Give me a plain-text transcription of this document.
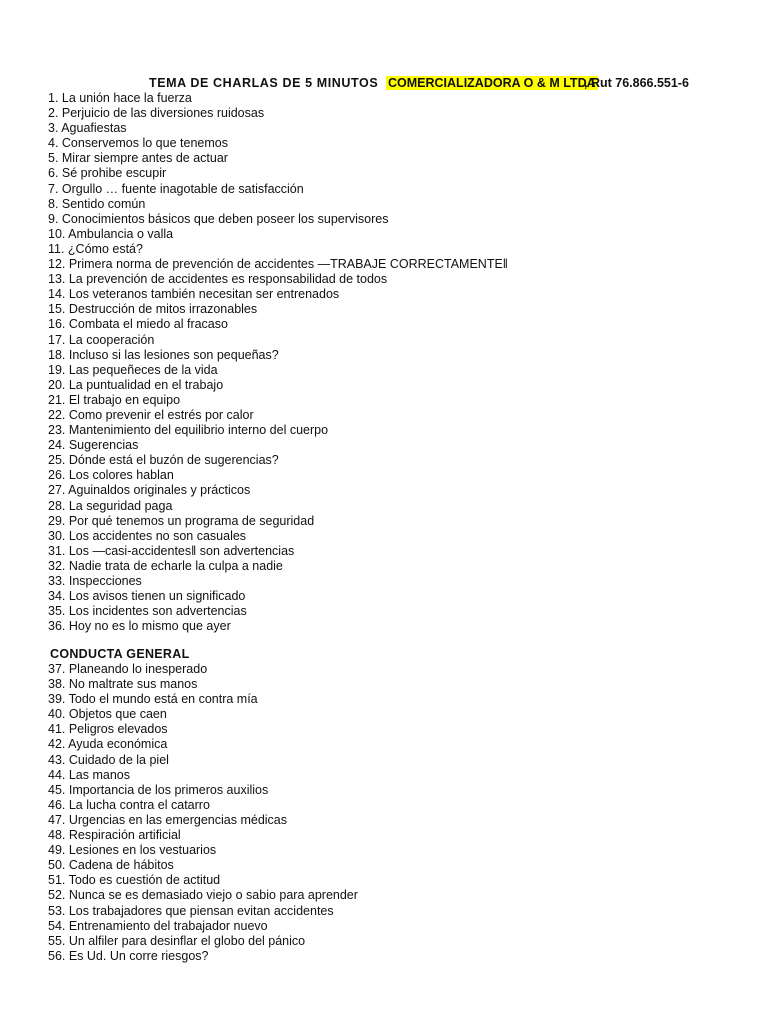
TEMA DE CHARLAS DE 5 MINUTOS COMERCIALIZADORA O & M LTDA
, Rut 76.866.551-6
1. La unión hace la fuerza
2. Perjuicio de las diversiones ruidosas
3. Aguafiestas
4. Conservemos lo que tenemos
5. Mirar siempre antes de actuar
6. Sé prohibe escupir
7. Orgullo … fuente inagotable de satisfacción
8. Sentido común
9. Conocimientos básicos que deben poseer los supervisores
10. Ambulancia o valla
11. ¿Cómo está?
12. Primera norma de prevención de accidentes ―TRABAJE CORRECTAMENTE‖
13. La prevención de accidentes es responsabilidad de todos
14. Los veteranos también necesitan ser entrenados
15. Destrucción de mitos irrazonables
16. Combata el miedo al fracaso
17. La cooperación
18. Incluso si las lesiones son pequeñas?
19. Las pequeñeces de la vida
20. La puntualidad en el trabajo
21. El trabajo en equipo
22. Como prevenir el estrés por calor
23. Mantenimiento del equilibrio interno del cuerpo
24. Sugerencias
25. Dónde está el buzón de sugerencias?
26. Los colores hablan
27. Aguinaldos originales y prácticos
28. La seguridad paga
29. Por qué tenemos un programa de seguridad
30. Los accidentes no son casuales
31. Los ―casi-accidentes‖ son advertencias
32. Nadie trata de echarle la culpa a nadie
33. Inspecciones
34. Los avisos tienen un significado
35. Los incidentes son advertencias
36. Hoy no es lo mismo que ayer
CONDUCTA GENERAL
37. Planeando lo inesperado
38. No maltrate sus manos
39. Todo el mundo está en contra mía
40. Objetos que caen
41. Peligros elevados
42. Ayuda económica
43. Cuidado de la piel
44. Las manos
45. Importancia de los primeros auxilios
46. La lucha contra el catarro
47. Urgencias en las emergencias médicas
48. Respiración artificial
49. Lesiones en los vestuarios
50. Cadena de hábitos
51. Todo es cuestión de actitud
52. Nunca se es demasiado viejo o sabio para aprender
53. Los trabajadores que piensan evitan accidentes
54. Entrenamiento del trabajador nuevo
55. Un alfiler para desinflar el globo del pánico
56. Es Ud. Un corre riesgos?
